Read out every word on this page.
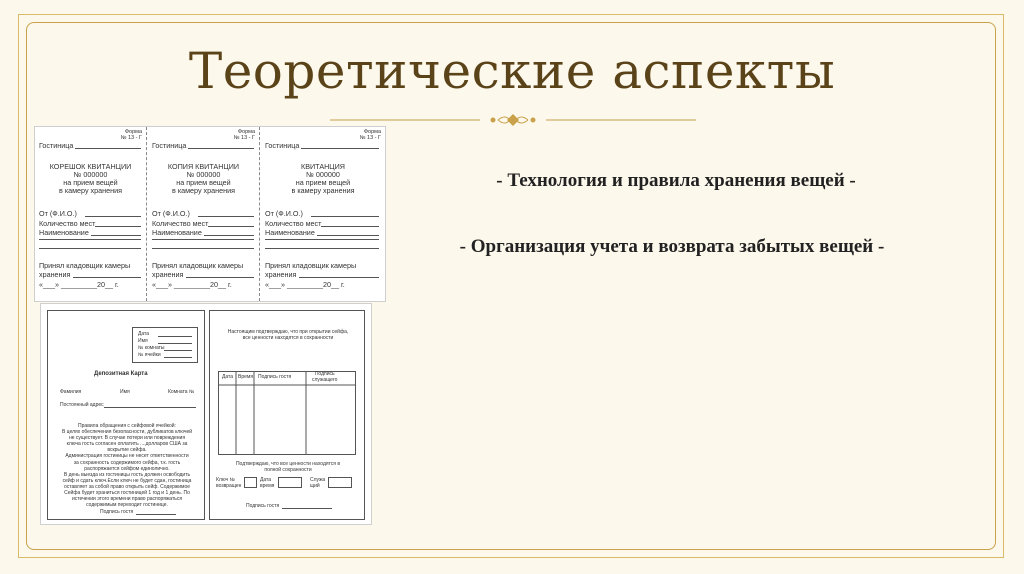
Теоретические аспекты
- Технология и правила хранения вещей -
- Организация учета и возврата забытых вещей -
Форма
№ 13 - Г
Гостиница
КОРЕШОК КВИТАНЦИИ
№ 000000
на прием вещей
в камеру хранения
От (Ф.И.О.)
Количество мест
Наименование
Принял кладовщик камеры
хранения
«___» _________20__ г.
Форма
№ 13 - Г
Гостиница
КОПИЯ КВИТАНЦИИ
№ 000000
на прием вещей
в камеру хранения
От (Ф.И.О.)
Количество мест
Наименование
Принял кладовщик камеры
хранения
«___» _________20__ г.
Форма
№ 13 - Г
Гостиница
КВИТАНЦИЯ
№ 000000
на прием вещей
в камеру хранения
От (Ф.И.О.)
Количество мест
Наименование
Принял кладовщик камеры
хранения
«___» _________20__ г.
Дата
Имя
№ комнаты
№ ячейки
Депозитная Карта
Фамилия	Имя	Комната №
Постоянный адрес
Правила обращения с сейфовой ячейкой:
В целях обеспечения безопасности, дубликатов ключей
не существует. В случае потери или повреждения
ключа гость согласен оплатить ....долларов США за
вскрытие сейфа.
Администрация гостиницы не несет ответственности
за сохранность содержимого сейфа, т.к. гость
распоряжается сейфом единолично.
В день выезда из гостиницы гость должен освободить
сейф и сдать ключ.Если ключ не будет сдан, гостиница
оставляет за собой право открыть сейф. Содержимое
Сейфа будет храниться гостиницей 1 год и 1 день. По
истечении этого времени право распоряжаться
содержимым переходит гостинице.
Подпись гостя
Настоящим подтверждаю, что при открытии сейфа,
все ценности находятся в сохранности
Дата Время Подпись гостя	Подпись
служащего
Подтверждаю, что все ценности находятся в
полной сохранности
Ключ №
возвращен
Дата
время
Служа
щий
Подпись гостя
